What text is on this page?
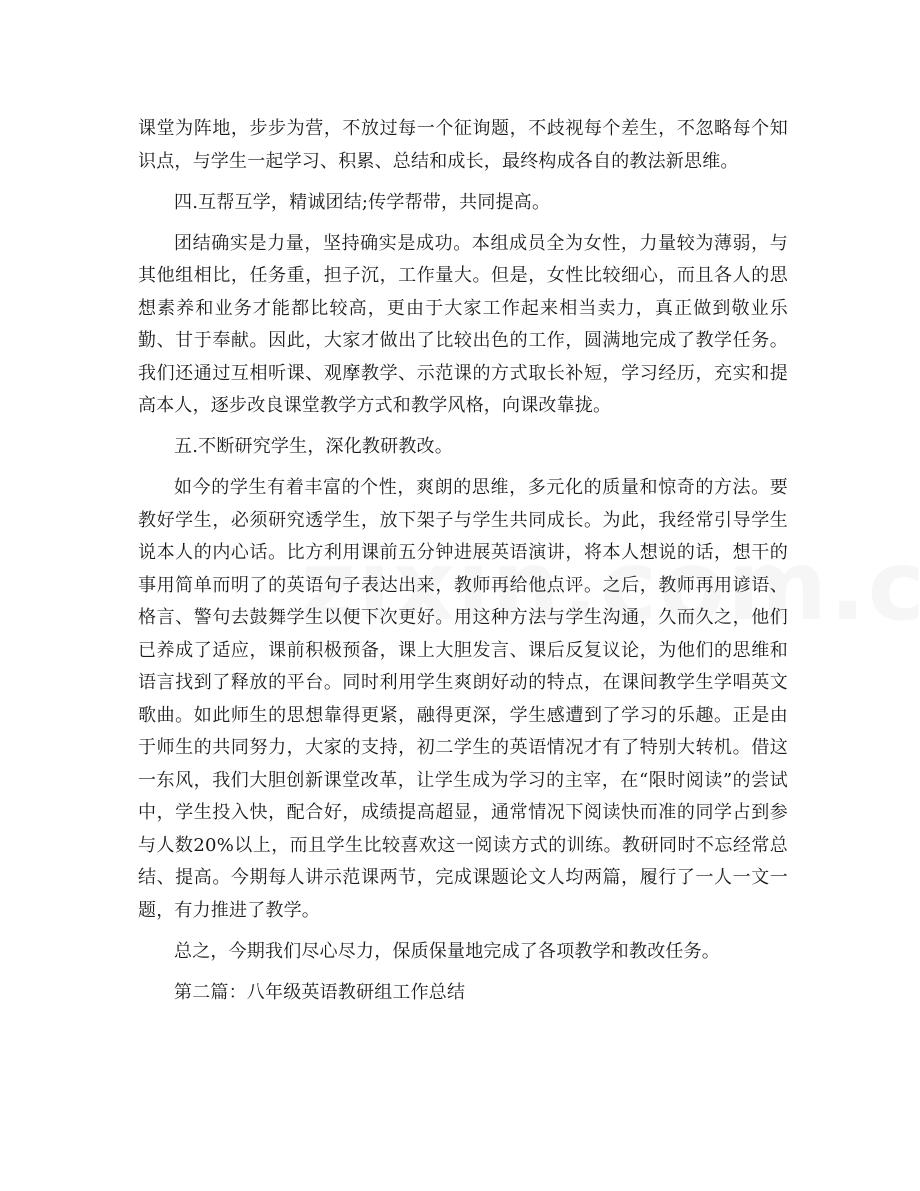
课堂为阵地，步步为营，不放过每一个征询题，不歧视每个差生，不忽略每个知识点，与学生一起学习、积累、总结和成长，最终构成各自的教法新思维。

四.互帮互学，精诚团结;传学帮带，共同提高。

团结确实是力量，坚持确实是成功。本组成员全为女性，力量较为薄弱，与其他组相比，任务重，担子沉，工作量大。但是，女性比较细心，而且各人的思想素养和业务才能都比较高，更由于大家工作起来相当卖力，真正做到敬业乐勤、甘于奉献。因此，大家才做出了比较出色的工作，圆满地完成了教学任务。我们还通过互相听课、观摩教学、示范课的方式取长补短，学习经历，充实和提高本人，逐步改良课堂教学方式和教学风格，向课改靠拢。

五.不断研究学生，深化教研教改。

如今的学生有着丰富的个性，爽朗的思维，多元化的质量和惊奇的方法。要教好学生，必须研究透学生，放下架子与学生共同成长。为此，我经常引导学生说本人的内心话。比方利用课前五分钟进展英语演讲，将本人想说的话，想干的事用简单而明了的英语句子表达出来，教师再给他点评。之后，教师再用谚语、格言、警句去鼓舞学生以便下次更好。用这种方法与学生沟通，久而久之，他们已养成了适应，课前积极预备，课上大胆发言、课后反复议论，为他们的思维和语言找到了释放的平台。同时利用学生爽朗好动的特点，在课间教学生学唱英文歌曲。如此师生的思想靠得更紧，融得更深，学生感遭到了学习的乐趣。正是由于师生的共同努力，大家的支持，初二学生的英语情况才有了特别大转机。借这一东风，我们大胆创新课堂改革，让学生成为学习的主宰，在“限时阅读”的尝试中，学生投入快，配合好，成绩提高超显，通常情况下阅读快而准的同学占到参与人数20%以上，而且学生比较喜欢这一阅读方式的训练。教研同时不忘经常总结、提高。今期每人讲示范课两节，完成课题论文人均两篇，履行了一人一文一题，有力推进了教学。

总之，今期我们尽心尽力，保质保量地完成了各项教学和教改任务。

第二篇：八年级英语教研组工作总结
